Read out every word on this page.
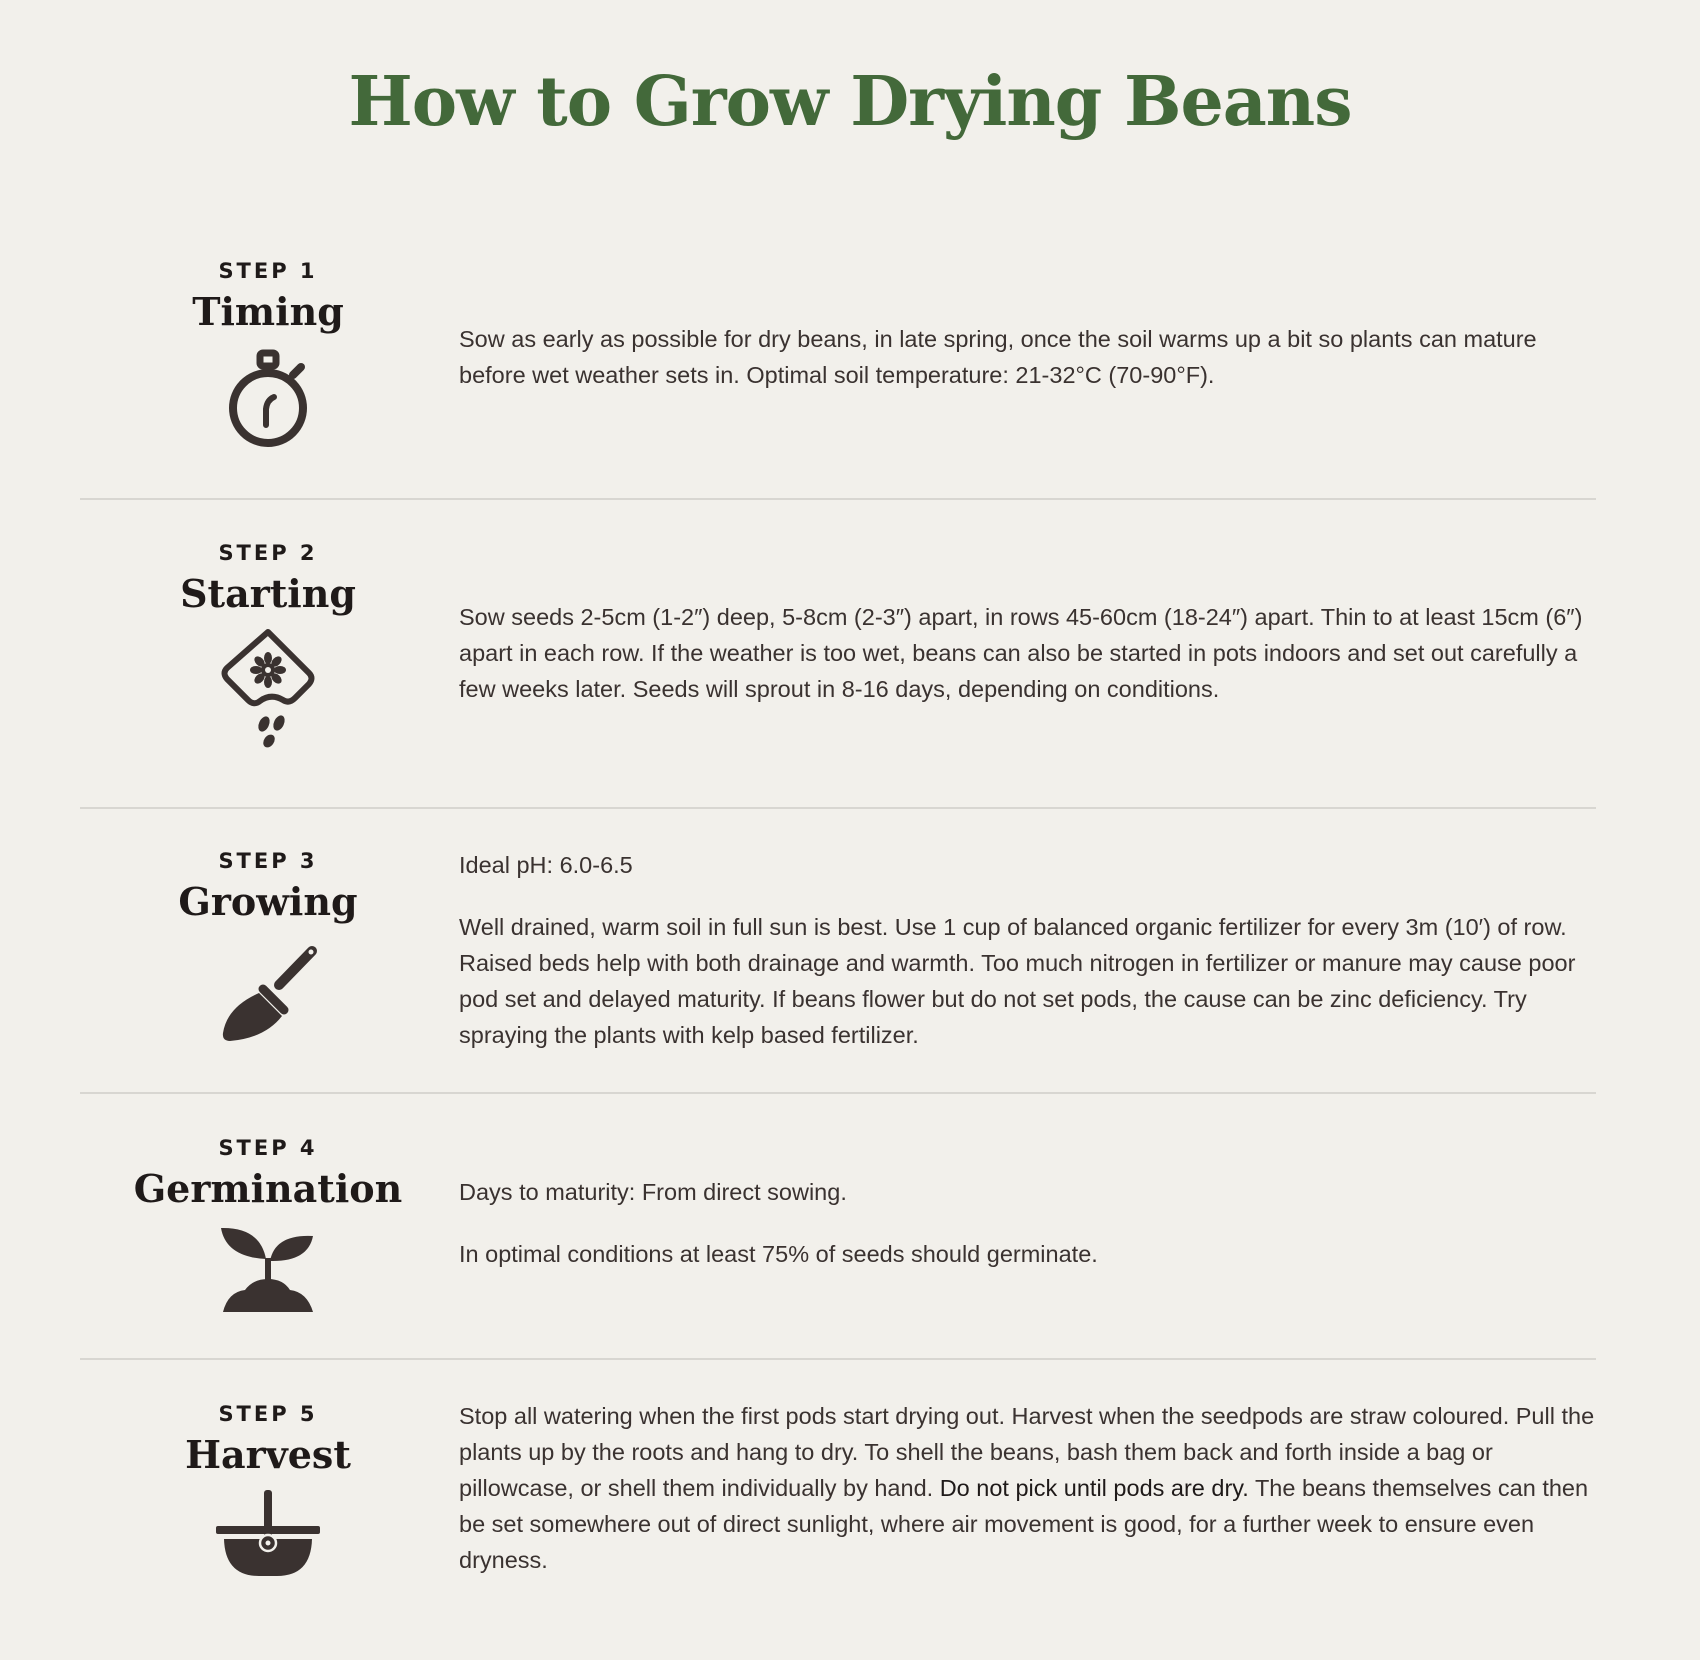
How to Grow Drying Beans
STEP 1
Timing

Sow as early as possible for dry beans, in late spring, once the soil warms up a bit so plants can mature before wet weather sets in. Optimal soil temperature: 21-32°C (70-90°F).

STEP 2
Starting

Sow seeds 2-5cm (1-2″) deep, 5-8cm (2-3″) apart, in rows 45-60cm (18-24″) apart. Thin to at least 15cm (6″) apart in each row. If the weather is too wet, beans can also be started in pots indoors and set out carefully a few weeks later. Seeds will sprout in 8-16 days, depending on conditions.

STEP 3
Growing

Ideal pH: 6.0-6.5

Well drained, warm soil in full sun is best. Use 1 cup of balanced organic fertilizer for every 3m (10′) of row. Raised beds help with both drainage and warmth. Too much nitrogen in fertilizer or manure may cause poor pod set and delayed maturity. If beans flower but do not set pods, the cause can be zinc deficiency. Try spraying the plants with kelp based fertilizer.

STEP 4
Germination	Days to maturity: From direct sowing.

In optimal conditions at least 75% of seeds should germinate.

STEP 5
Harvest

Stop all watering when the first pods start drying out. Harvest when the seedpods are straw coloured. Pull the plants up by the roots and hang to dry. To shell the beans, bash them back and forth inside a bag or pillowcase, or shell them individually by hand. Do not pick until pods are dry. The beans themselves can then be set somewhere out of direct sunlight, where air movement is good, for a further week to ensure even dryness.
